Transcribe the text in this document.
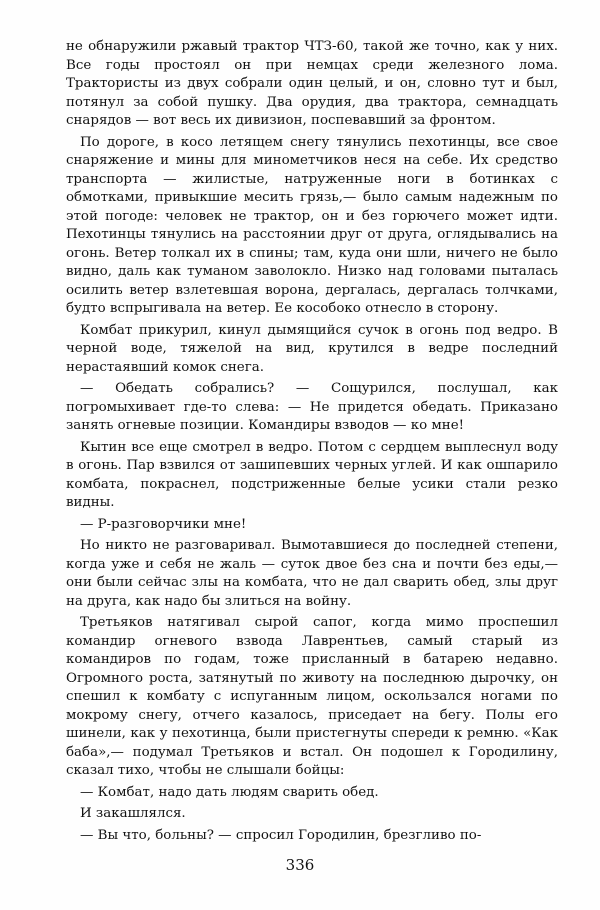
не обнаружили ржавый трактор ЧТЗ-60, такой же точно, как у них. Все годы простоял он при немцах среди железного лома. Трактористы из двух собрали один целый, и он, словно тут и был, потянул за собой пушку. Два орудия, два трактора, семнадцать снарядов — вот весь их дивизион, поспевавший за фронтом.

По дороге, в косо летящем снегу тянулись пехотинцы, все свое снаряжение и мины для минометчиков неся на себе. Их средство транспорта — жилистые, натруженные ноги в ботинках с обмотками, привыкшие месить грязь,— было самым надежным по этой погоде: человек не трактор, он и без горючего может идти. Пехотинцы тянулись на расстоянии друг от друга, оглядывались на огонь. Ветер толкал их в спины; там, куда они шли, ничего не было видно, даль как туманом заволокло. Низко над головами пыталась осилить ветер взлетевшая ворона, дергалась, дергалась толчками, будто вспрыгивала на ветер. Ее кособоко отнесло в сторону.

Комбат прикурил, кинул дымящийся сучок в огонь под ведро. В черной воде, тяжелой на вид, крутился в ведре последний нерастаявший комок снега.

— Обедать собрались? — Сощурился, послушал, как погромыхивает где-то слева: — Не придется обедать. Приказано занять огневые позиции. Командиры взводов — ко мне!

Кытин все еще смотрел в ведро. Потом с сердцем выплеснул воду в огонь. Пар взвился от зашипевших черных углей. И как ошпарило комбата, покраснел, подстриженные белые усики стали резко видны.

— Р-разговорчики мне!

Но никто не разговаривал. Вымотавшиеся до последней степени, когда уже и себя не жаль — суток двое без сна и почти без еды,— они были сейчас злы на комбата, что не дал сварить обед, злы друг на друга, как надо бы злиться на войну.

Третьяков натягивал сырой сапог, когда мимо проспешил командир огневого взвода Лаврентьев, самый старый из командиров по годам, тоже присланный в батарею недавно. Огромного роста, затянутый по животу на последнюю дырочку, он спешил к комбату с испуганным лицом, оскользался ногами по мокрому снегу, отчего казалось, приседает на бегу. Полы его шинели, как у пехотинца, были пристегнуты спереди к ремню. «Как баба»,— подумал Третьяков и встал. Он подошел к Городилину, сказал тихо, чтобы не слышали бойцы:

— Комбат, надо дать людям сварить обед.

И закашлялся.

— Вы что, больны? — спросил Городилин, брезгливо по-

336
